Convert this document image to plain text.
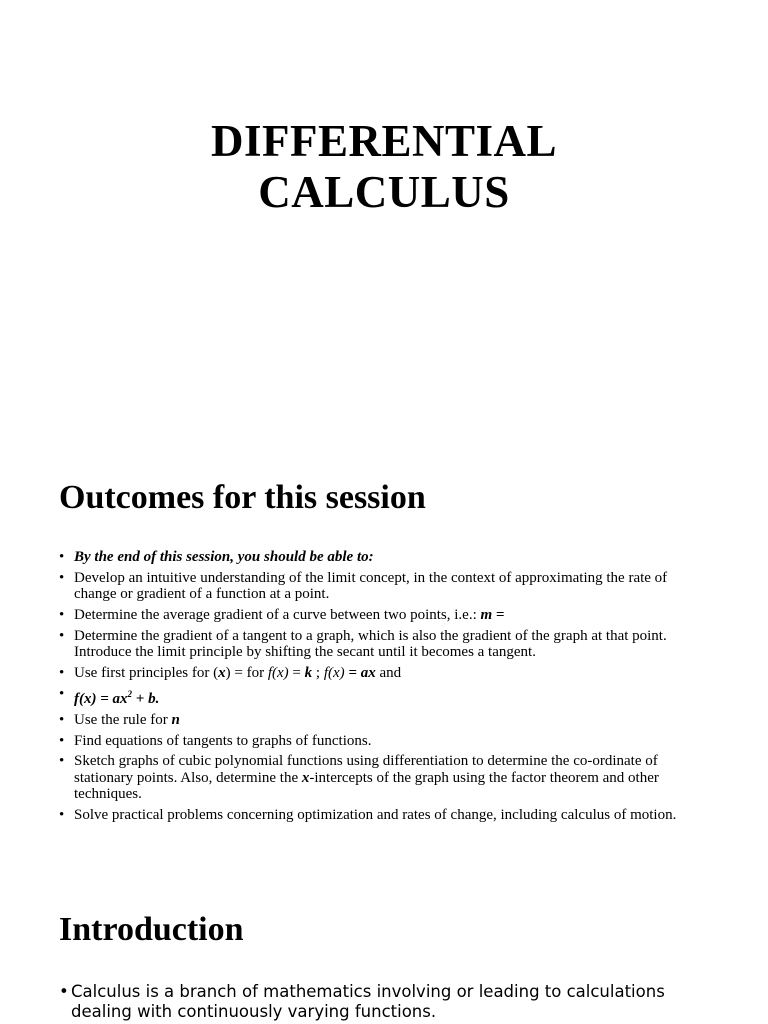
DIFFERENTIAL
CALCULUS
Outcomes for this session
• By the end of this session, you should be able to:
• Develop an intuitive understanding of the limit concept, in the context of approximating the rate of change or gradient of a function at a point.
• Determine the average gradient of a curve between two points, i.e.: m =
• Determine the gradient of a tangent to a graph, which is also the gradient of the graph at that point. Introduce the limit principle by shifting the secant until it becomes a tangent.
• Use first principles for (x) = for f(x) = k ; f(x) = ax and
• $f(x) = ax^2 + b$.
• Use the rule for n
• Find equations of tangents to graphs of functions.
• Sketch graphs of cubic polynomial functions using differentiation to determine the co-ordinate of stationary points. Also, determine the x-intercepts of the graph using the factor theorem and other techniques.
• Solve practical problems concerning optimization and rates of change, including calculus of motion.
Introduction
• Calculus is a branch of mathematics involving or leading to calculations dealing with continuously varying functions.
